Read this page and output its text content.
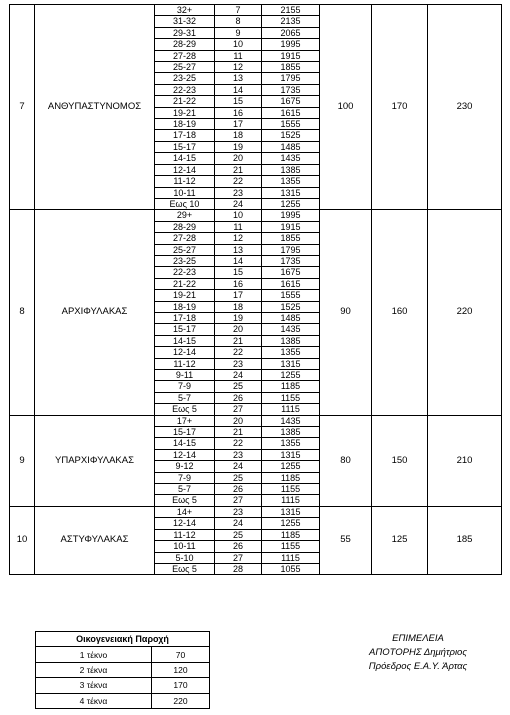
7	ΑΝΘΥΠΑΣΤΥΝΟΜΟΣ	32+	7	2155	100	170	230	
		31-32	8	2135				
		29-31	9	2065				
		28-29	10	1995				
		27-28	11	1915				
		25-27	12	1855				
		23-25	13	1795				
		22-23	14	1735				
		21-22	15	1675				
		19-21	16	1615				
		18-19	17	1555				
		17-18	18	1525				
		15-17	19	1485				
		14-15	20	1435				
		12-14	21	1385				
		11-12	22	1355				
		10-11	23	1315				
		Εως 10	24	1255				
8	ΑΡΧΙΦΥΛΑΚΑΣ	29+	10	1995	90	160	220	
		28-29	11	1915				
		27-28	12	1855				
		25-27	13	1795				
		23-25	14	1735				
		22-23	15	1675				
		21-22	16	1615				
		19-21	17	1555				
		18-19	18	1525				
		17-18	19	1485				
		15-17	20	1435				
		14-15	21	1385				
		12-14	22	1355				
		11-12	23	1315				
		9-11	24	1255				
		7-9	25	1185				
		5-7	26	1155				
		Εως 5	27	1115				
9	ΥΠΑΡΧΙΦΥΛΑΚΑΣ	17+	20	1435	80	150	210	
		15-17	21	1385				
		14-15	22	1355				
		12-14	23	1315				
		9-12	24	1255				
		7-9	25	1185				
		5-7	26	1155				
		Εως 5	27	1115				
10	ΑΣΤΥΦΥΛΑΚΑΣ	14+	23	1315	55	125	185	
		12-14	24	1255				
		11-12	25	1185				
		10-11	26	1155				
		5-10	27	1115				
		Εως 5	28	1055				
Οικογενειακή Παροχή	
1 τέκνο	70
2 τέκνα	120
3 τέκνα	170
4 τέκνα	220
ΕΠΙΜΕΛΕΙΑ
ΑΠΟΤΟΡΗΣ Δημήτριος
Πρόεδρος Ε.Α.Υ. Άρτας
